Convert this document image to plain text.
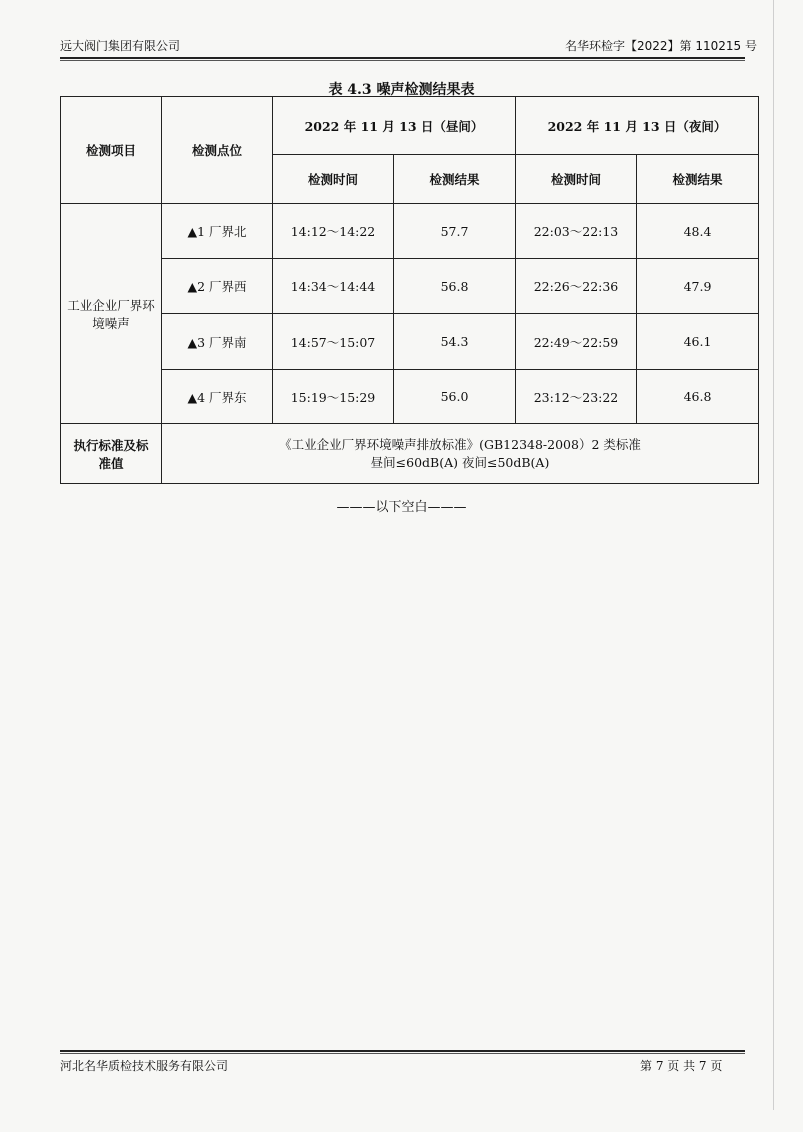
远大阀门集团有限公司	名华环检字【2022】第 110215 号
表 4.3 噪声检测结果表
检测项目	检测点位	2022 年 11 月 13 日（昼间）		2022 年 11 月 13 日（夜间）	
		检测时间	检测结果	检测时间	检测结果
工业企业厂界环境噪声	▲1 厂界北	14:12～14:22	57.7	22:03～22:13	48.4
	▲2 厂界西	14:34～14:44	56.8	22:26～22:36	47.9
	▲3 厂界南	14:57～15:07	54.3	22:49～22:59	46.1
	▲4 厂界东	15:19～15:29	56.0	23:12～23:22	46.8
执行标准及标准值	《工业企业厂界环境噪声排放标准》(GB12348-2008）2 类标准
昼间≤60dB(A) 夜间≤50dB(A)				
———以下空白———
河北名华质检技术服务有限公司	第 7 页 共 7 页
